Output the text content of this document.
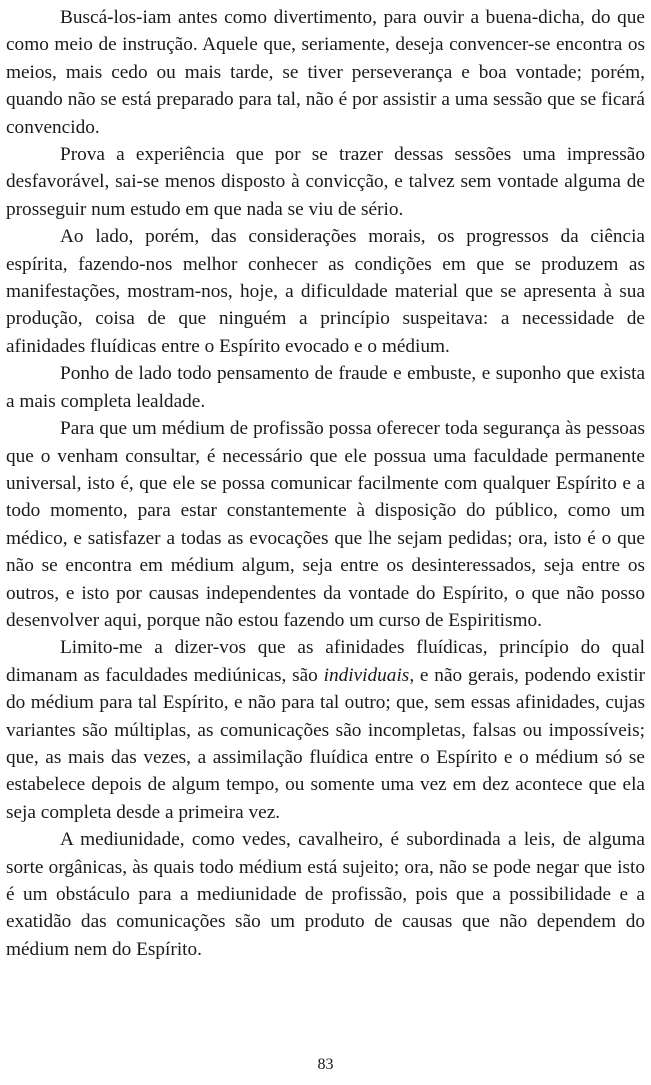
Buscá-los-iam antes como divertimento, para ouvir a buena-dicha, do que como meio de instrução. Aquele que, seriamente, deseja convencer-se encontra os meios, mais cedo ou mais tarde, se tiver perseverança e boa vontade; porém, quando não se está preparado para tal, não é por assistir a uma sessão que se ficará convencido.

Prova a experiência que por se trazer dessas sessões uma impressão desfavorável, sai-se menos disposto à convicção, e talvez sem vontade alguma de prosseguir num estudo em que nada se viu de sério.

Ao lado, porém, das considerações morais, os progressos da ciência espírita, fazendo-nos melhor conhecer as condições em que se produzem as manifestações, mostram-nos, hoje, a dificuldade material que se apresenta à sua produção, coisa de que ninguém a princípio suspeitava: a necessidade de afinidades fluídicas entre o Espírito evocado e o médium.

Ponho de lado todo pensamento de fraude e embuste, e suponho que exista a mais completa lealdade.

Para que um médium de profissão possa oferecer toda segurança às pessoas que o venham consultar, é necessário que ele possua uma faculdade permanente universal, isto é, que ele se possa comunicar facilmente com qualquer Espírito e a todo momento, para estar constantemente à disposição do público, como um médico, e satisfazer a todas as evocações que lhe sejam pedidas; ora, isto é o que não se encontra em médium algum, seja entre os desinteressados, seja entre os outros, e isto por causas independentes da vontade do Espírito, o que não posso desenvolver aqui, porque não estou fazendo um curso de Espiritismo.

Limito-me a dizer-vos que as afinidades fluídicas, princípio do qual dimanam as faculdades mediúnicas, são individuais, e não gerais, podendo existir do médium para tal Espírito, e não para tal outro; que, sem essas afinidades, cujas variantes são múltiplas, as comunicações são incompletas, falsas ou impossíveis; que, as mais das vezes, a assimilação fluídica entre o Espírito e o médium só se estabelece depois de algum tempo, ou somente uma vez em dez acontece que ela seja completa desde a primeira vez.

A mediunidade, como vedes, cavalheiro, é subordinada a leis, de alguma sorte orgânicas, às quais todo médium está sujeito; ora, não se pode negar que isto é um obstáculo para a mediunidade de profissão, pois que a possibilidade e a exatidão das comunicações são um produto de causas que não dependem do médium nem do Espírito.

83
